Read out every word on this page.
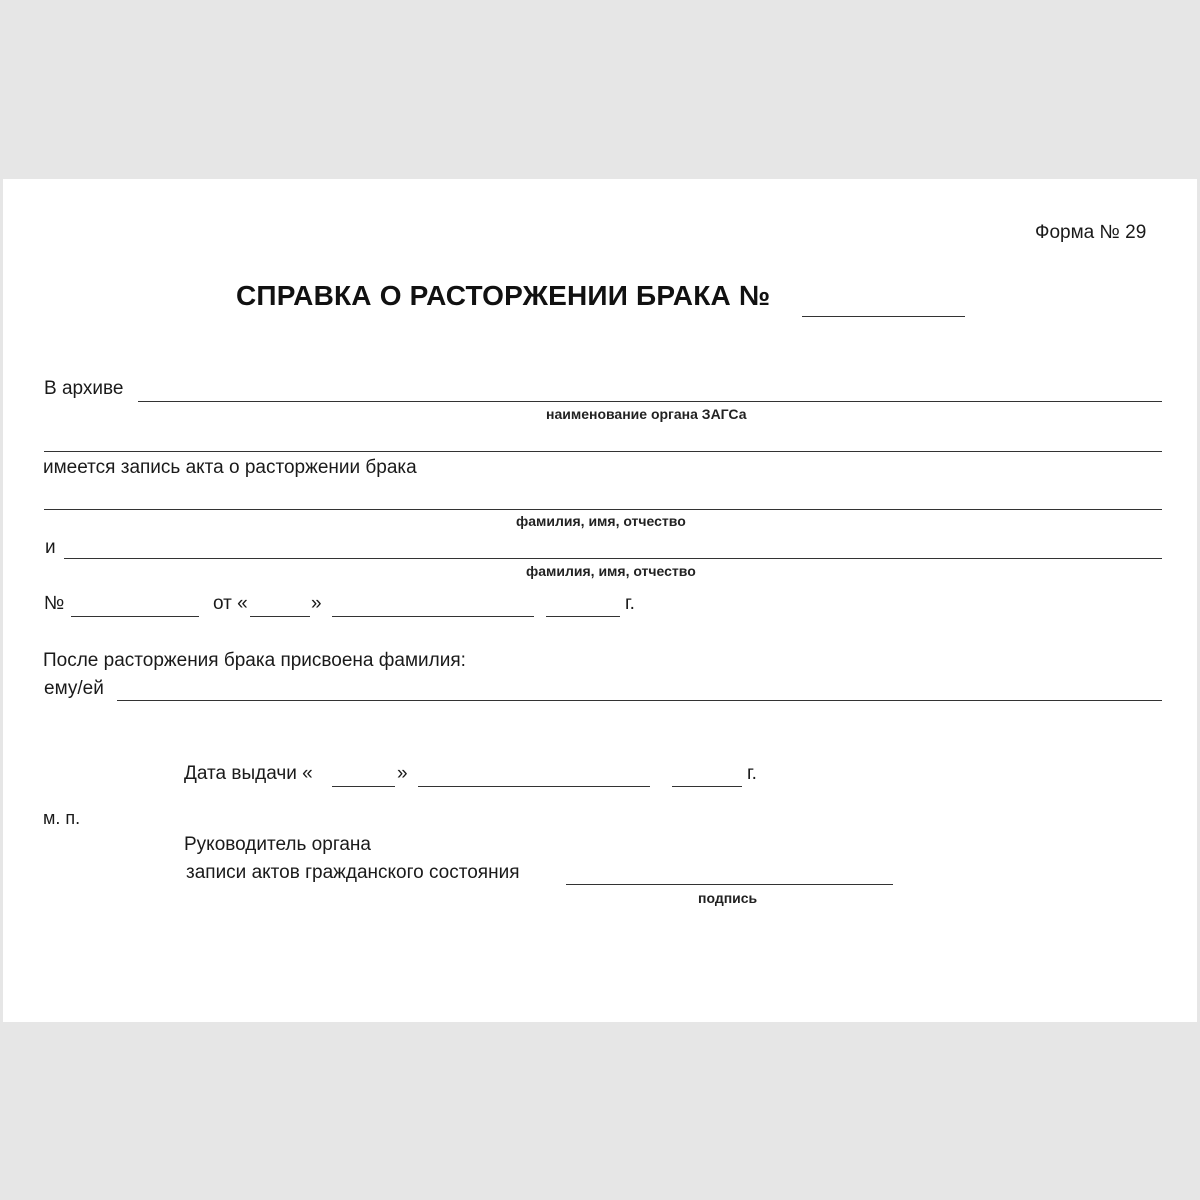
Форма № 29
СПРАВКА О РАСТОРЖЕНИИ БРАКА №
В архиве
наименование органа ЗАГСа
имеется запись акта о расторжении брака
фамилия, имя, отчество
и
фамилия, имя, отчество
№	от «	»	г.
После расторжения брака присвоена фамилия:
ему/ей
Дата выдачи «	»	г.
м. п.
Руководитель органа
записи актов гражданского состояния
подпись
